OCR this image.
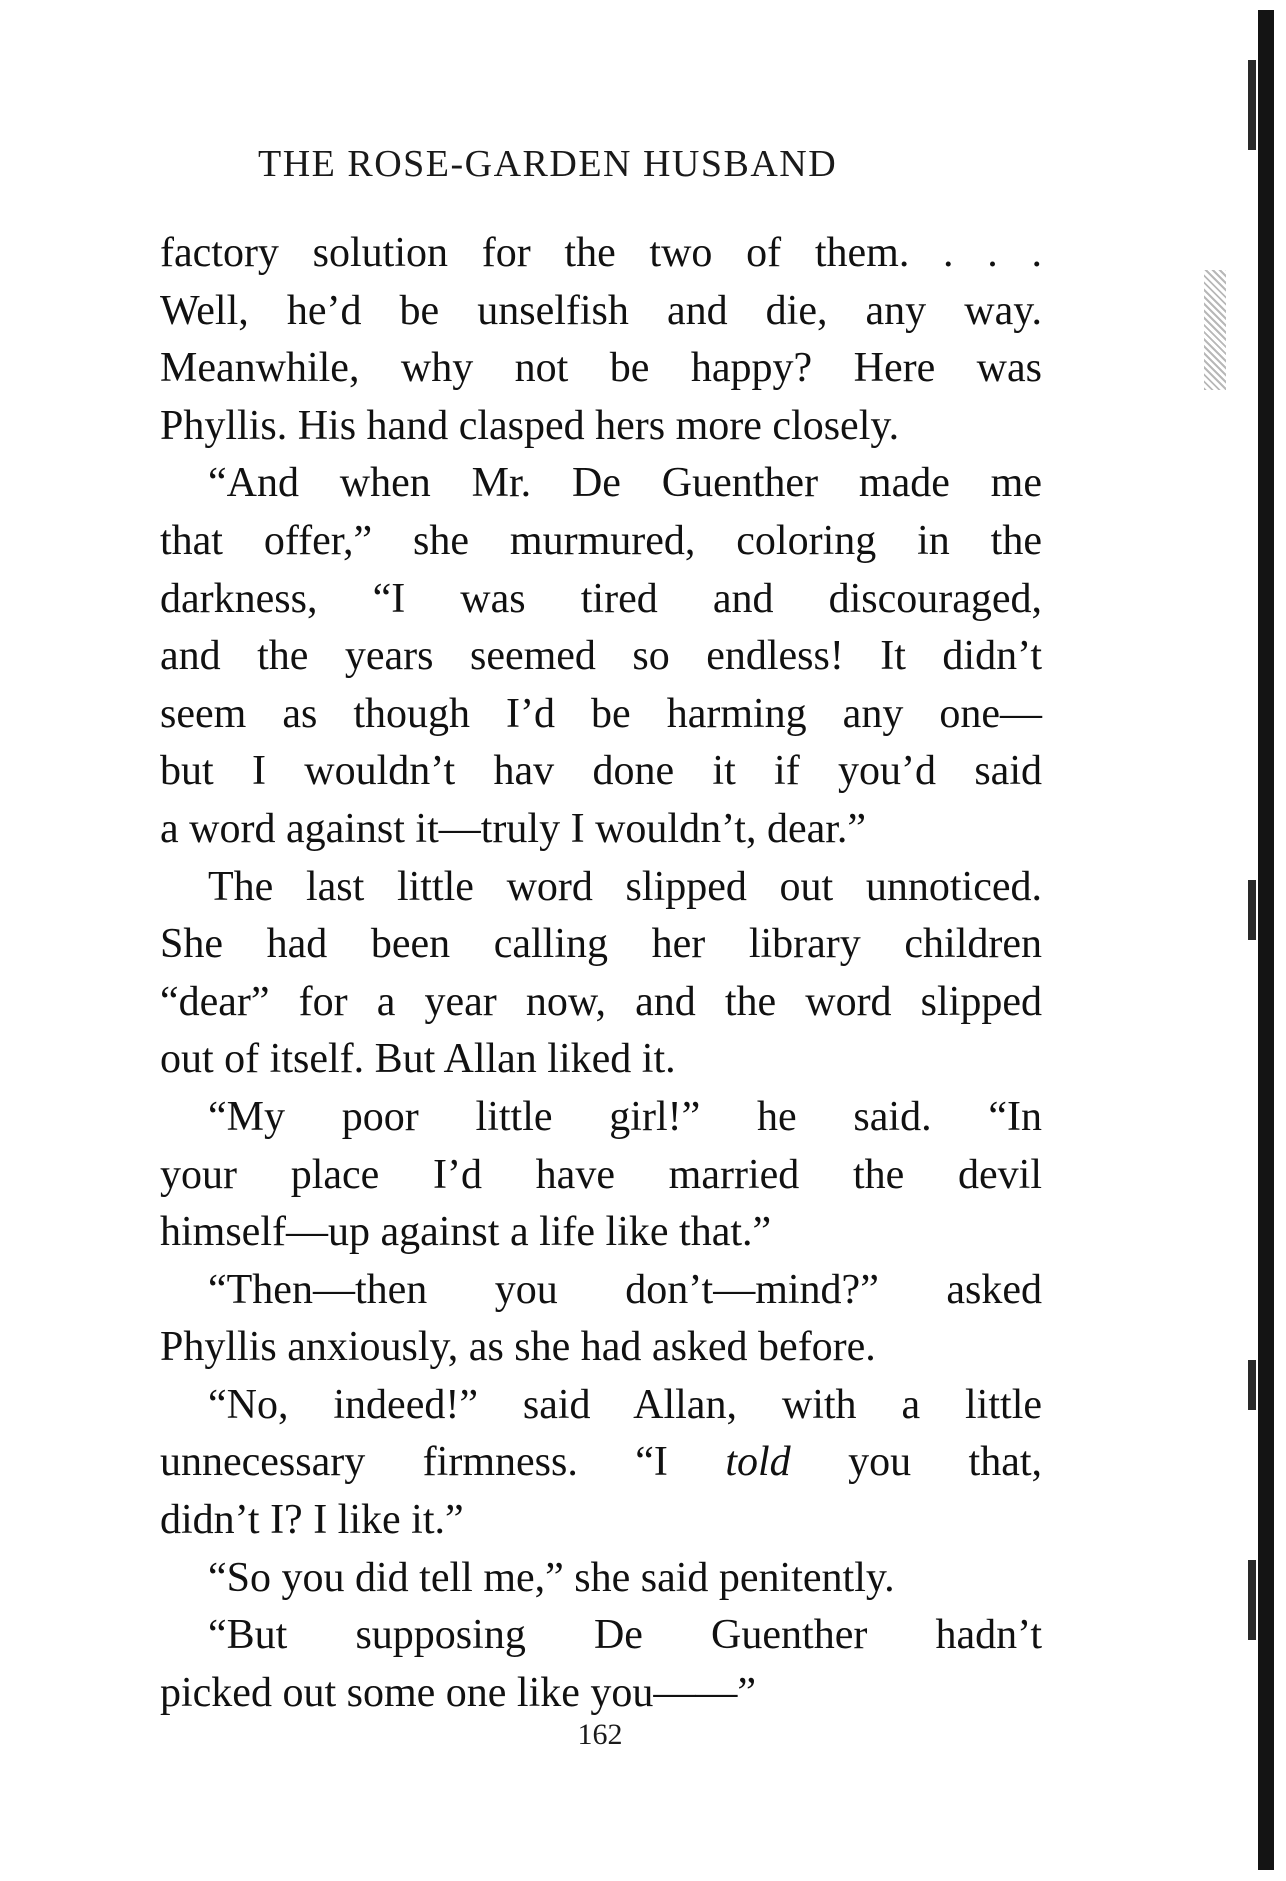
THE ROSE-GARDEN HUSBAND
factory solution for the two of them. . . .
Well, he’d be unselfish and die, any way.
Meanwhile, why not be happy? Here was
Phyllis. His hand clasped hers more closely.
“And when Mr. De Guenther made me
that offer,” she murmured, coloring in the
darkness, “I was tired and discouraged,
and the years seemed so endless! It didn’t
seem as though I’d be harming any one—
but I wouldn’t hav done it if you’d said
a word against it—truly I wouldn’t, dear.”
The last little word slipped out unnoticed.
She had been calling her library children
“dear” for a year now, and the word slipped
out of itself. But Allan liked it.
“My poor little girl!” he said. “In
your place I’d have married the devil
himself—up against a life like that.”
“Then—then you don’t—mind?” asked
Phyllis anxiously, as she had asked before.
“No, indeed!” said Allan, with a little
unnecessary firmness. “I told you that,
didn’t I? I like it.”
“So you did tell me,” she said penitently.
“But supposing De Guenther hadn’t
picked out some one like you——”
162
